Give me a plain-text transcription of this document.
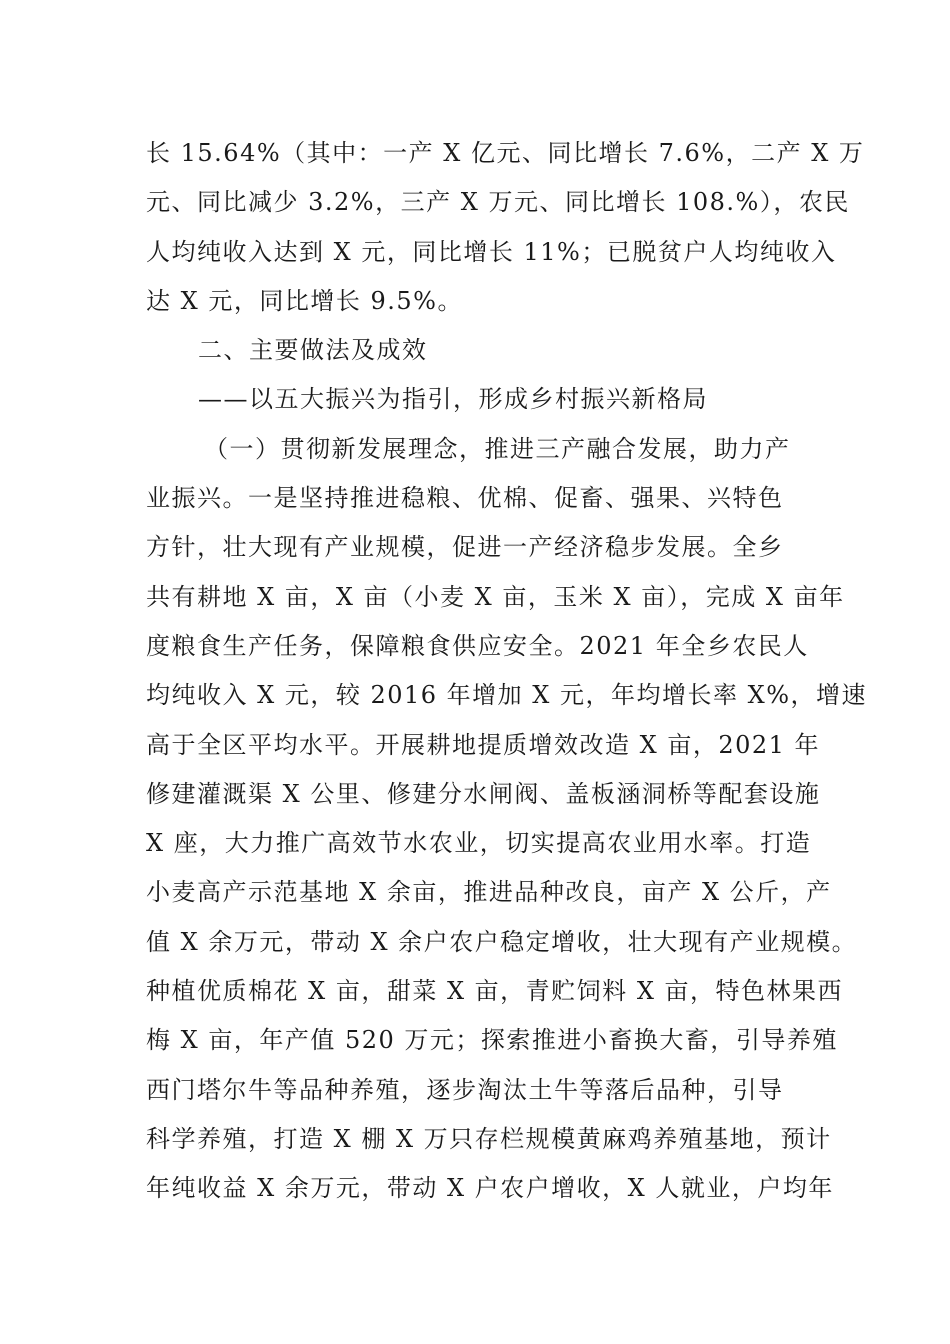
长 15.64%（其中：一产 X 亿元、同比增长 7.6%，二产 X 万
元、同比减少 3.2%，三产 X 万元、同比增长 108.%），农民
人均纯收入达到 X 元，同比增长 11%；已脱贫户人均纯收入
达 X 元，同比增长 9.5%。
二、主要做法及成效
——以五大振兴为指引，形成乡村振兴新格局
（一）贯彻新发展理念，推进三产融合发展，助力产
业振兴。一是坚持推进稳粮、优棉、促畜、强果、兴特色
方针，壮大现有产业规模，促进一产经济稳步发展。全乡
共有耕地 X 亩，X 亩（小麦 X 亩，玉米 X 亩），完成 X 亩年
度粮食生产任务，保障粮食供应安全。2021 年全乡农民人
均纯收入 X 元，较 2016 年增加 X 元，年均增长率 X%，增速
高于全区平均水平。开展耕地提质增效改造 X 亩，2021 年
修建灌溉渠 X 公里、修建分水闸阀、盖板涵洞桥等配套设施
X 座，大力推广高效节水农业，切实提高农业用水率。打造
小麦高产示范基地 X 余亩，推进品种改良，亩产 X 公斤，产
值 X 余万元，带动 X 余户农户稳定增收，壮大现有产业规模。
种植优质棉花 X 亩，甜菜 X 亩，青贮饲料 X 亩，特色林果西
梅 X 亩，年产值 520 万元；探索推进小畜换大畜，引导养殖
西门塔尔牛等品种养殖，逐步淘汰土牛等落后品种，引导
科学养殖，打造 X 棚 X 万只存栏规模黄麻鸡养殖基地，预计
年纯收益 X 余万元，带动 X 户农户增收，X 人就业，户均年
